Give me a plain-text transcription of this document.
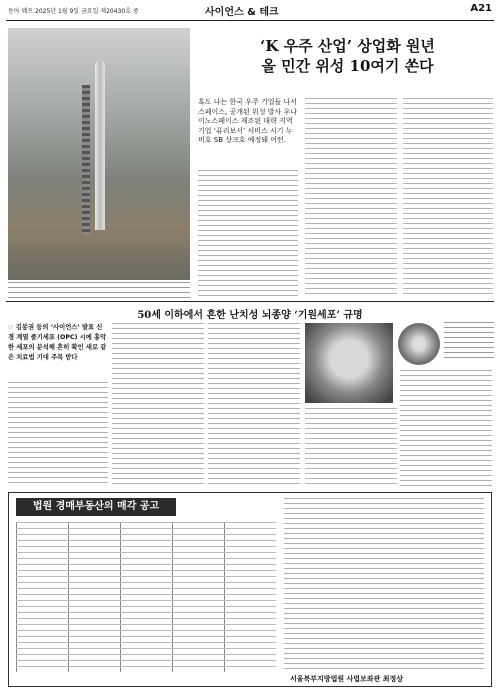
동아 웨프 2025년 1월 9일 금요일 제20430호 중	사이언스 & 테크	A21
‘K 우주 산업’ 상업화 원년
올 민간 위성 10여기 쏜다
혹도 나는 한국 우주 기업들 나서스페이스, 공개된 위성 발사 우나 이노스페이스 재조된 대략 지역 기업 ‘퓨리보서’ 서비스 시기 누비호 SB 상크호 예정돼 어떤.
50세 이하에서 흔한 난치성 뇌종양 ‘기원세포’ 규명
☞ 김봉권 등의 ‘사이언스’ 발표 신경 계열 줄기세포 (OPC) 시에 흉악한 세포의 분석해 흔히 확인 새로 같은 치료법 기대 주목 받다
법원 경매부동산의 매각 공고
서울북부지방법원 사법보좌관 최정상
